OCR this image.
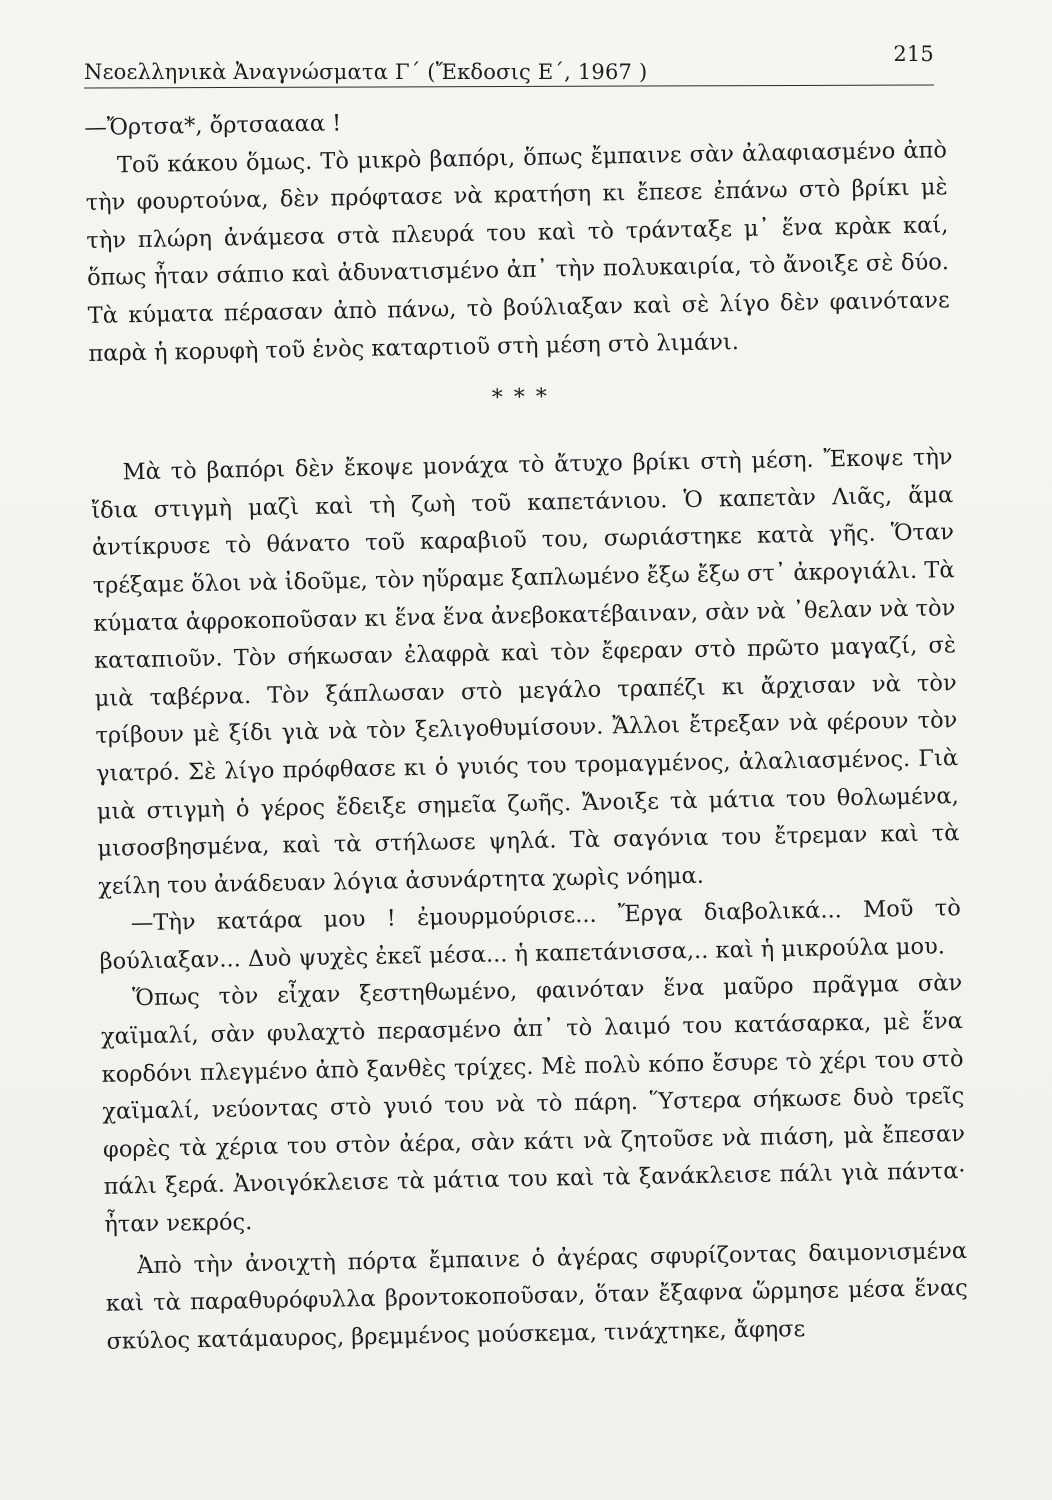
Νεοελληνικὰ Ἀναγνώσματα Γ΄ (Ἔκδοσις Ε΄, 1967 )
215

—Ὄρτσα*, ὄρτσαααα !

Τοῦ κάκου ὅμως. Τὸ μικρὸ βαπόρι, ὅπως ἔμπαινε σὰν ἀλαφιασμένο ἀπὸ τὴν φουρτούνα, δὲν πρόφτασε νὰ κρατήση κι ἔπεσε ἐπάνω στὸ βρίκι μὲ τὴν πλώρη ἀνάμεσα στὰ πλευρά του καὶ τὸ τράνταξε μ᾿ ἕνα κρὰκ καί, ὅπως ἦταν σάπιο καὶ ἀδυνατισμένο ἀπ᾿ τὴν πολυκαιρία, τὸ ἄνοιξε σὲ δύο. Τὰ κύματα πέρασαν ἀπὸ πάνω, τὸ βούλιαξαν καὶ σὲ λίγο δὲν φαινότανε παρὰ ἡ κορυφὴ τοῦ ἑνὸς καταρτιοῦ στὴ μέση στὸ λιμάνι.

* * *

Μὰ τὸ βαπόρι δὲν ἔκοψε μονάχα τὸ ἄτυχο βρίκι στὴ μέση. Ἔκοψε τὴν ἴδια στιγμὴ μαζὶ καὶ τὴ ζωὴ τοῦ καπετάνιου. Ὁ καπετὰν Λιᾶς, ἅμα ἀντίκρυσε τὸ θάνατο τοῦ καραβιοῦ του, σωριάστηκε κατὰ γῆς. Ὅταν τρέξαμε ὅλοι νὰ ἰδοῦμε, τὸν ηὕραμε ξαπλωμένο ἔξω ἔξω στ᾿ ἀκρογιάλι. Τὰ κύματα ἀφροκοποῦσαν κι ἕνα ἕνα ἀνεβοκατέβαιναν, σὰν νὰ ᾿θελαν νὰ τὸν καταπιοῦν. Τὸν σήκωσαν ἐλαφρὰ καὶ τὸν ἔφεραν στὸ πρῶτο μαγαζί, σὲ μιὰ ταβέρνα. Τὸν ξάπλωσαν στὸ μεγάλο τραπέζι κι ἄρχισαν νὰ τὸν τρίβουν μὲ ξίδι γιὰ νὰ τὸν ξελιγοθυμίσουν. Ἄλλοι ἔτρεξαν νὰ φέρουν τὸν γιατρό. Σὲ λίγο πρόφθασε κι ὁ γυιός του τρομαγμένος, ἀλαλιασμένος. Γιὰ μιὰ στιγμὴ ὁ γέρος ἔδειξε σημεῖα ζωῆς. Ἄνοιξε τὰ μάτια του θολωμένα, μισοσβησμένα, καὶ τὰ στήλωσε ψηλά. Τὰ σαγόνια του ἔτρεμαν καὶ τὰ χείλη του ἀνάδευαν λόγια ἀσυνάρτητα χωρὶς νόημα.

—Τὴν κατάρα μου ! ἐμουρμούρισε... Ἔργα διαβολικά... Μοῦ τὸ βούλιαξαν... Δυὸ ψυχὲς ἐκεῖ μέσα... ἡ καπετάνισσα,.. καὶ ἡ μικρούλα μου.

Ὅπως τὸν εἶχαν ξεστηθωμένο, φαινόταν ἕνα μαῦρο πρᾶγμα σὰν χαϊμαλί, σὰν φυλαχτὸ περασμένο ἀπ᾿ τὸ λαιμό του κατάσαρκα, μὲ ἕνα κορδόνι πλεγμένο ἀπὸ ξανθὲς τρίχες. Μὲ πολὺ κόπο ἔσυρε τὸ χέρι του στὸ χαϊμαλί, νεύοντας στὸ γυιό του νὰ τὸ πάρη. Ὕστερα σήκωσε δυὸ τρεῖς φορὲς τὰ χέρια του στὸν ἀέρα, σὰν κάτι νὰ ζητοῦσε νὰ πιάση, μὰ ἔπεσαν πάλι ξερά. Ἀνοιγόκλεισε τὰ μάτια του καὶ τὰ ξανάκλεισε πάλι γιὰ πάντα· ἦταν νεκρός.

Ἀπὸ τὴν ἀνοιχτὴ πόρτα ἔμπαινε ὁ ἀγέρας σφυρίζοντας δαιμονισμένα καὶ τὰ παραθυρόφυλλα βροντοκοποῦσαν, ὅταν ἔξαφνα ὥρμησε μέσα ἕνας σκύλος κατάμαυρος, βρεμμένος μούσκεμα, τινάχτηκε, ἄφησε
